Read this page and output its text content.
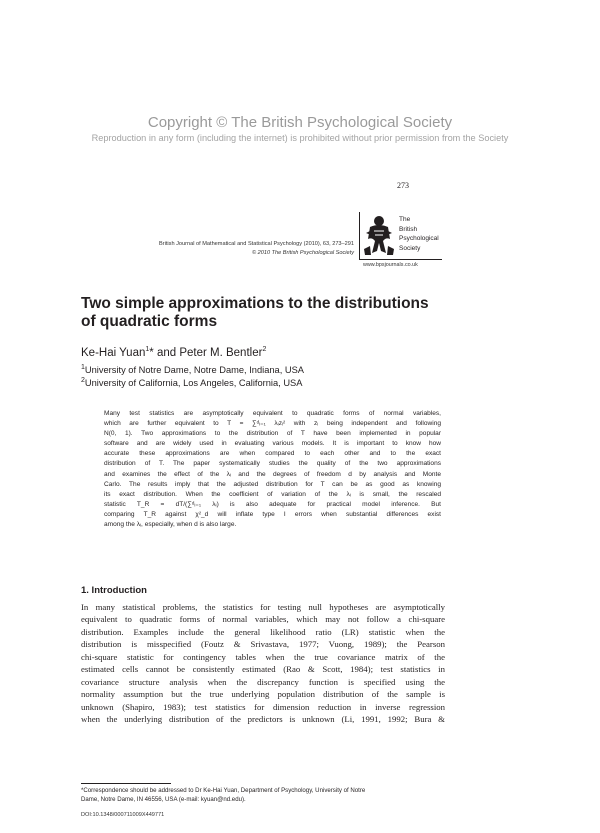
Copyright © The British Psychological Society
Reproduction in any form (including the internet) is prohibited without prior permission from the Society
273
British Journal of Mathematical and Statistical Psychology (2010), 63, 273–291
© 2010 The British Psychological Society
The
British
Psychological
Society
www.bpsjournals.co.uk
Two simple approximations to the distributions
of quadratic forms
Ke-Hai Yuan$^1$* and Peter M. Bentler$^2$
$^1$University of Notre Dame, Notre Dame, Indiana, USA
$^2$University of California, Los Angeles, California, USA
Many test statistics are asymptotically equivalent to quadratic forms of normal variables,
which are further equivalent to T = ∑ᵈᵢ₌₁ λᵢzᵢ² with zᵢ being independent and following
N(0, 1). Two approximations to the distribution of T have been implemented in popular
software and are widely used in evaluating various models. It is important to know how
accurate these approximations are when compared to each other and to the exact
distribution of T. The paper systematically studies the quality of the two approximations
and examines the effect of the λᵢ and the degrees of freedom d by analysis and Monte
Carlo. The results imply that the adjusted distribution for T can be as good as knowing
its exact distribution. When the coefficient of variation of the λᵢ is small, the rescaled
statistic T_R = dT/(∑ᵈᵢ₌₁ λᵢ) is also adequate for practical model inference. But
comparing T_R against χ²_d will inflate type I errors when substantial differences exist
among the λᵢ, especially, when d is also large.
1. Introduction
In many statistical problems, the statistics for testing null hypotheses are asymptotically
equivalent to quadratic forms of normal variables, which may not follow a chi-square
distribution. Examples include the general likelihood ratio (LR) statistic when the
distribution is misspecified (Foutz & Srivastava, 1977; Vuong, 1989); the Pearson
chi-square statistic for contingency tables when the true covariance matrix of the
estimated cells cannot be consistently estimated (Rao & Scott, 1984); test statistics in
covariance structure analysis when the discrepancy function is specified using the
normality assumption but the true underlying population distribution of the sample is
unknown (Shapiro, 1983); test statistics for dimension reduction in inverse regression
when the underlying distribution of the predictors is unknown (Li, 1991, 1992; Bura &
*Correspondence should be addressed to Dr Ke-Hai Yuan, Department of Psychology, University of Notre
Dame, Notre Dame, IN 46556, USA (e-mail: kyuan@nd.edu).
DOI:10.1348/000711009X449771
